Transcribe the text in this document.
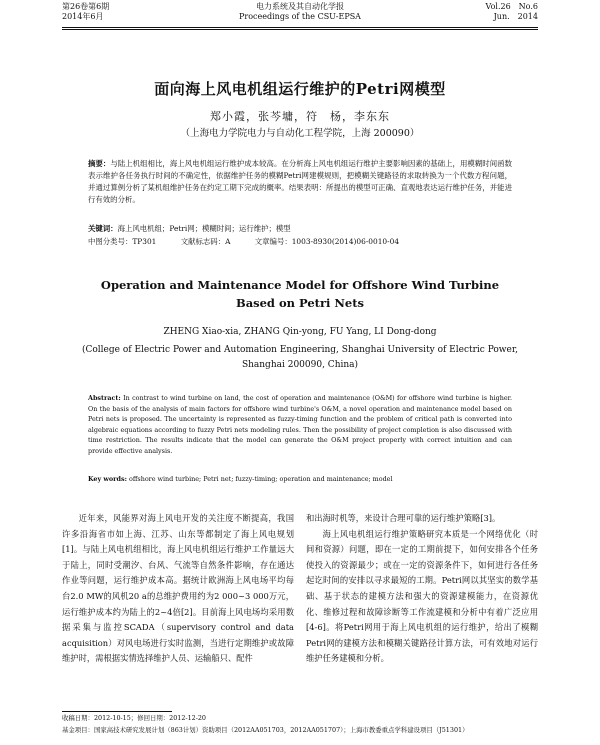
第26卷第6期
2014年6月
电力系统及其自动化学报
Proceedings of the CSU-EPSA
Vol.26　No.6
Jun.　2014
面向海上风电机组运行维护的Petri网模型
郑小霞，张芩墉，符　杨，李东东
（上海电力学院电力与自动化工程学院，上海 200090）
摘要：与陆上机组相比，海上风电机组运行维护成本较高。在分析海上风电机组运行维护主要影响因素的基础上，用模糊时间函数表示维护各任务执行时间的不确定性，依据维护任务的模糊Petri网建模规则，把模糊关键路径的求取转换为一个代数方程问题，并通过算例分析了某机组维护任务在约定工期下完成的概率。结果表明：所提出的模型可正确、直观地表达运行维护任务，并能进行有效的分析。
关键词：海上风电机组；Petri网；模糊时间；运行维护；模型
中图分类号：TP301	文献标志码：A	文章编号：1003-8930(2014)06-0010-04
Operation and Maintenance Model for Offshore Wind Turbine
Based on Petri Nets
ZHENG Xiao-xia, ZHANG Qin-yong, FU Yang, LI Dong-dong
(College of Electric Power and Automation Engineering, Shanghai University of Electric Power,
Shanghai 200090, China)
Abstract: In contrast to wind turbine on land, the cost of operation and maintenance (O&M) for offshore wind turbine is higher. On the basis of the analysis of main factors for offshore wind turbine's O&M, a novel operation and maintenance model based on Petri nets is proposed. The uncertainty is represented as fuzzy-timing function and the problem of critical path is converted into algebraic equations according to fuzzy Petri nets modeling rules. Then the possibility of project completion is also discussed with time restriction. The results indicate that the model can generate the O&M project properly with correct intuition and can provide effective analysis.
Key words: offshore wind turbine; Petri net; fuzzy-timing; operation and maintenance; model

近年来，风能界对海上风电开发的关注度不断提高，我国许多沿海省市如上海、江苏、山东等都制定了海上风电规划[1]。与陆上风电机组相比，海上风电机组运行维护工作量远大于陆上，同时受潮汐、台风、气流等自然条件影响，存在通达作业等问题，运行维护成本高。据统计欧洲海上风电场平均每台2.0 MW的风机20 a的总维护费用约为2 000~3 000万元，运行维护成本约为陆上的2~4倍[2]。目前海上风电场均采用数据采集与监控SCADA（supervisory control and data acquisition）对风电场进行实时监测，当进行定期维护或故障维护时，需根据实情选择维护人员、运输船只、配件

和出海时机等，来设计合理可靠的运行维护策略[3]。

海上风电机组运行维护策略研究本质是一个网络优化（时间和资源）问题，即在一定的工期前提下，如何安排各个任务使投入的资源最少；或在一定的资源条件下，如何进行各任务起讫时间的安排以寻求最短的工期。Petri网以其坚实的数学基础、基于状态的建模方法和强大的资源建模能力，在资源优化、维修过程和故障诊断等工作流建模和分析中有着广泛应用[4-6]。将Petri网用于海上风电机组的运行维护，给出了模糊Petri网的建模方法和模糊关键路径计算方法，可有效地对运行维护任务建模和分析。

收稿日期：2012-10-15；修回日期：2012-12-20
基金项目：国家高技术研究发展计划（863计划）资助项目（2012AA051703，2012AA051707）；上海市教委重点学科建设项目（J51301）
